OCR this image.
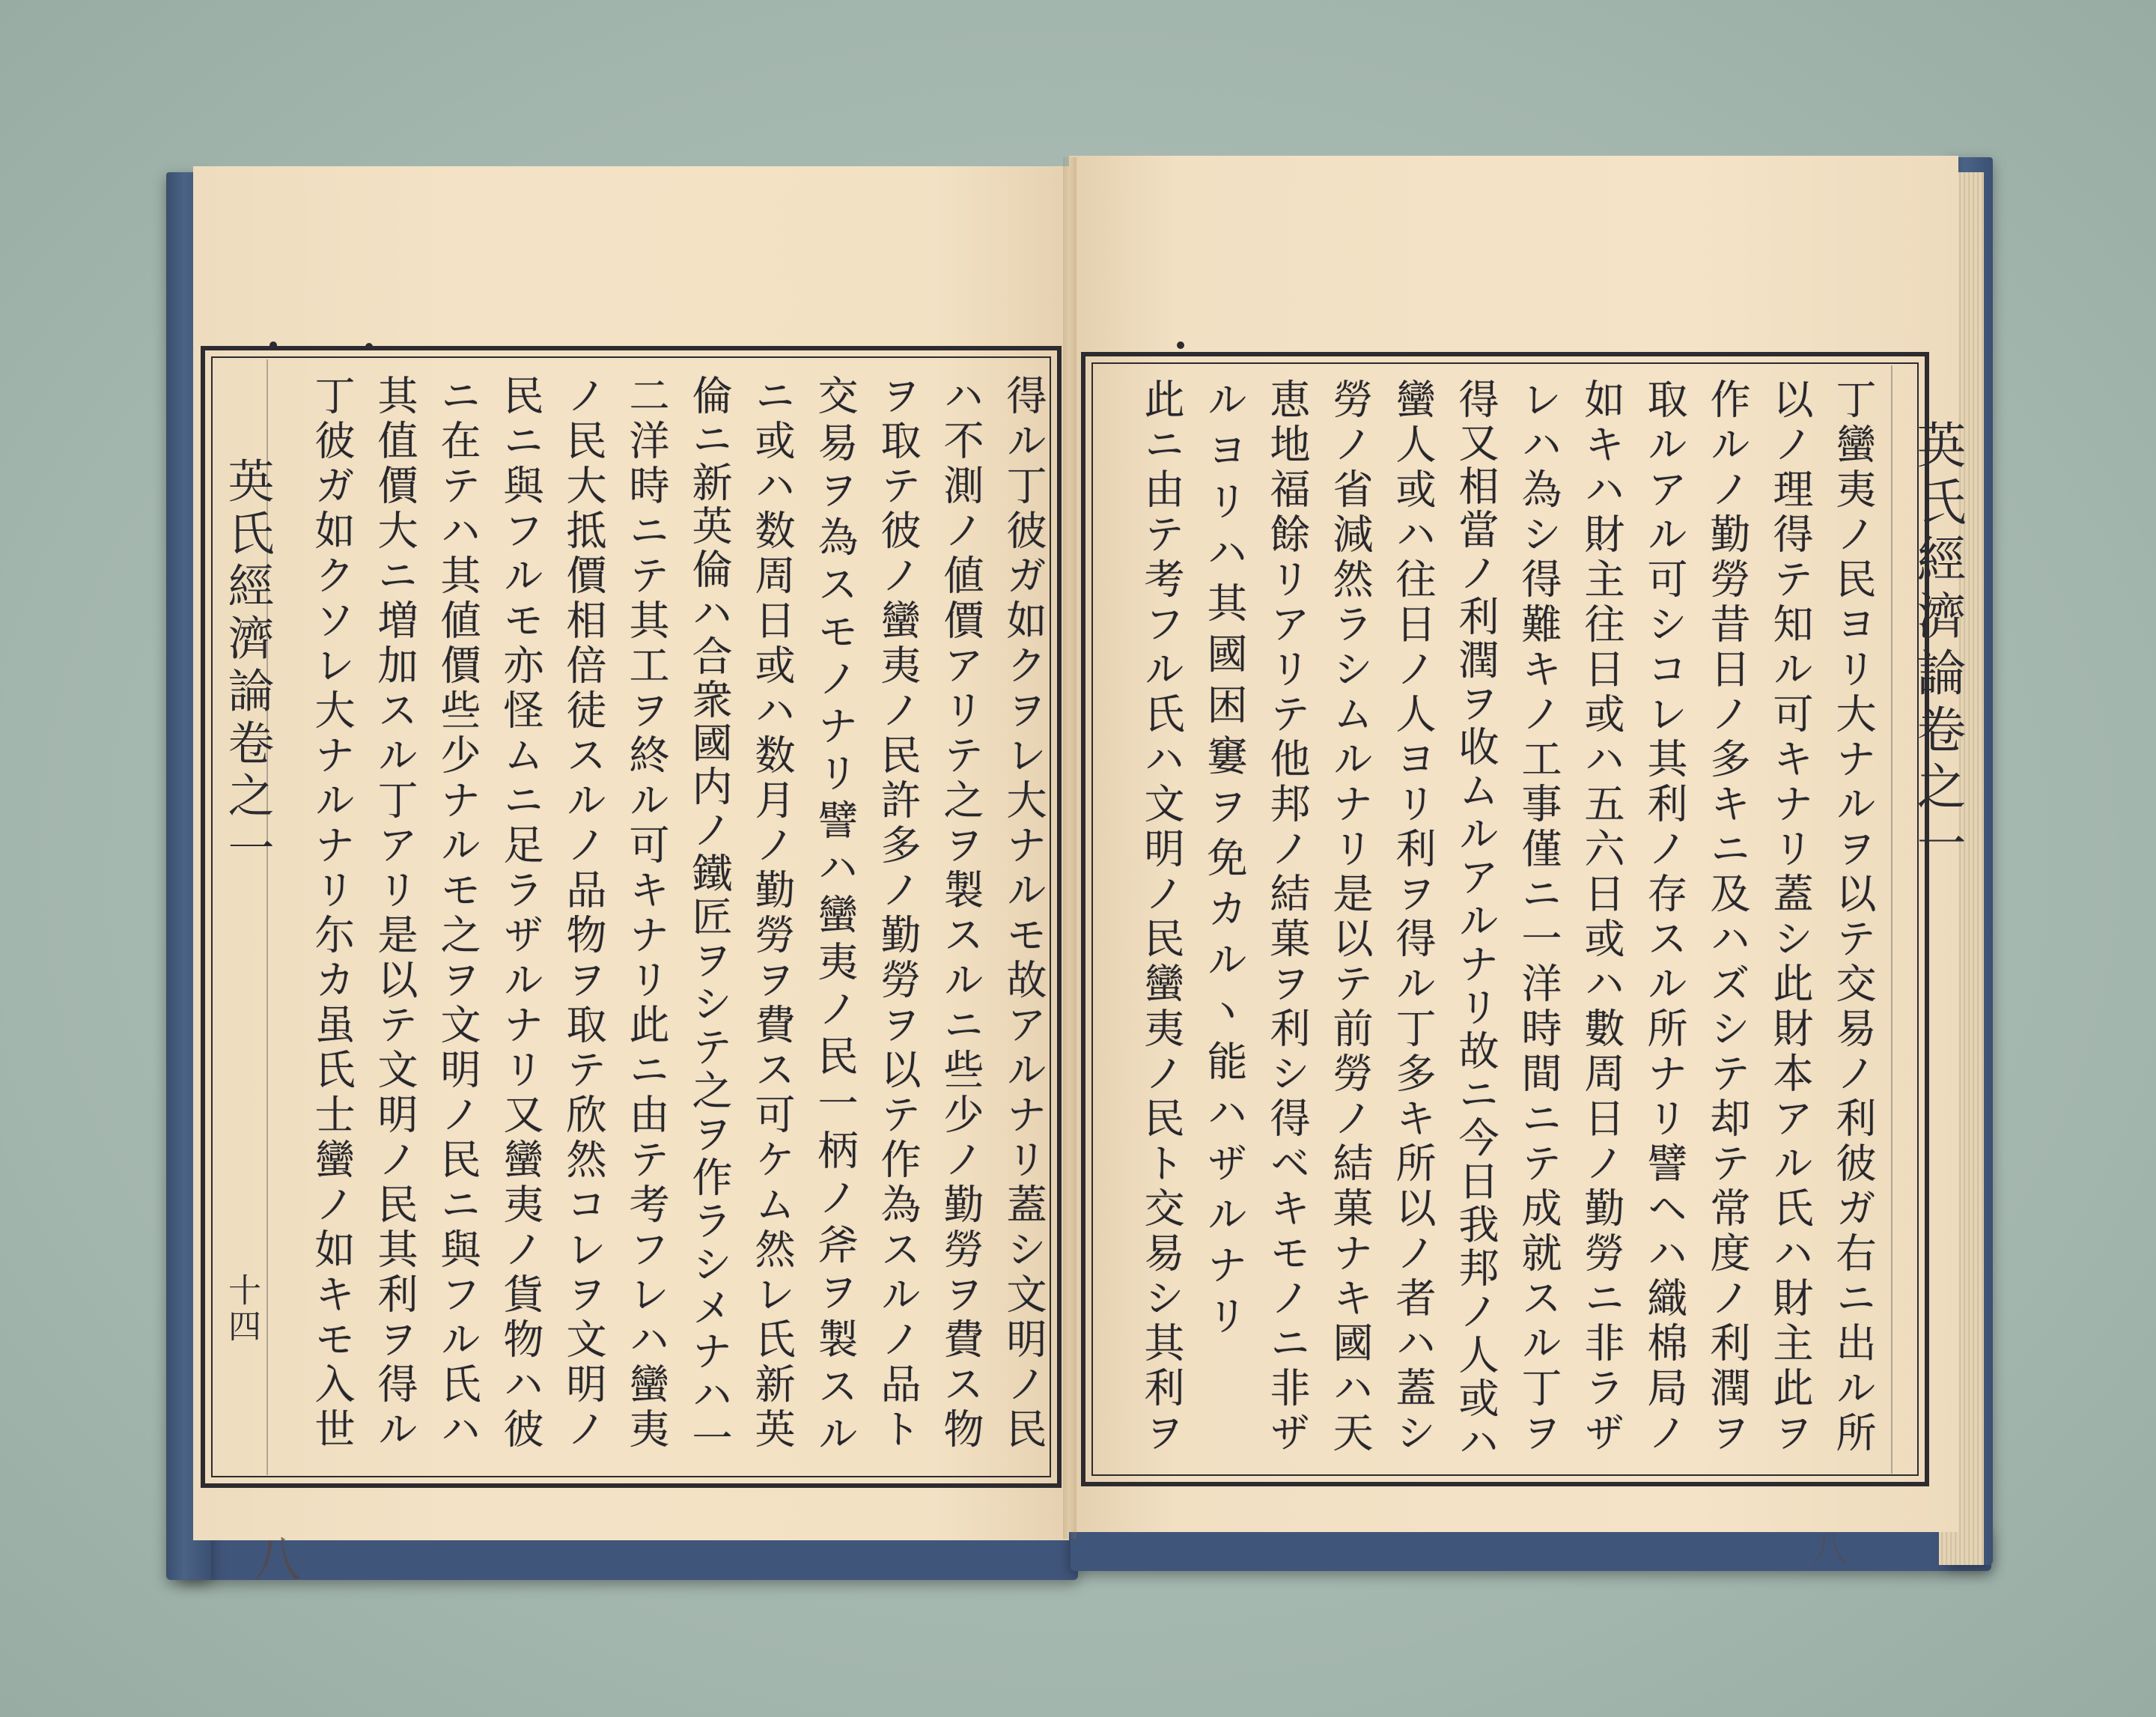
英氏經濟論卷之一
十四
英氏經濟論卷之一
八	八
得ル丁彼ガ如クヲレ大ナルモ故アルナリ蓋シ文明ノ民
ハ不測ノ値價アリテ之ヲ製スルニ些少ノ勤勞ヲ費ス物
ヲ取テ彼ノ蠻夷ノ民許多ノ勤勞ヲ以テ作為スルノ品ト
交易ヲ為スモノナリ譬ハ蠻夷ノ民一柄ノ斧ヲ製スル
ニ或ハ数周日或ハ数月ノ勤勞ヲ費ス可ケム然レ氏新英
倫ニ新英倫ハ合衆國内ノ鐵匠ヲシテ之ヲ作ラシメナハ一
二洋時ニテ其工ヲ終ル可キナリ此ニ由テ考フレハ蠻夷
ノ民大抵價相倍徒スルノ品物ヲ取テ欣然コレヲ文明ノ
民ニ與フルモ亦怪ムニ足ラザルナリ又蠻夷ノ貨物ハ彼
ニ在テハ其値價些少ナルモ之ヲ文明ノ民ニ與フル氏ハ
其值價大ニ増加スル丁アリ是以テ文明ノ民其利ヲ得ル
丁彼ガ如クソレ大ナルナリ尓カ虽氏士蠻ノ如キモ入世	丁蠻夷ノ民ヨリ大ナルヲ以テ交易ノ利彼ガ右ニ出ル所
以ノ理得テ知ル可キナリ蓋シ此財本アル氏ハ財主此ヲ
作ルノ勤勞昔日ノ多キニ及ハズシテ却テ常度ノ利潤ヲ
取ルアル可シコレ其利ノ存スル所ナリ譬ヘハ織棉局ノ
如キハ財主往日或ハ五六日或ハ數周日ノ勤勞ニ非ラザ
レハ為シ得難キノ工事僅ニ一洋時間ニテ成就スル丁ヲ
得又相當ノ利潤ヲ收ムルアルナリ故ニ今日我邦ノ人或ハ
蠻人或ハ往日ノ人ヨリ利ヲ得ル丁多キ所以ノ者ハ蓋シ
勞ノ省減然ラシムルナリ是以テ前勞ノ結菓ナキ國ハ天
恵地福餘リアリテ他邦ノ結菓ヲ利シ得ベキモノニ非ザ
ルヨリハ其國困窶ヲ免カルヽ能ハザルナリ
此ニ由テ考フル氏ハ文明ノ民蠻夷ノ民ト交易シ其利ヲ
